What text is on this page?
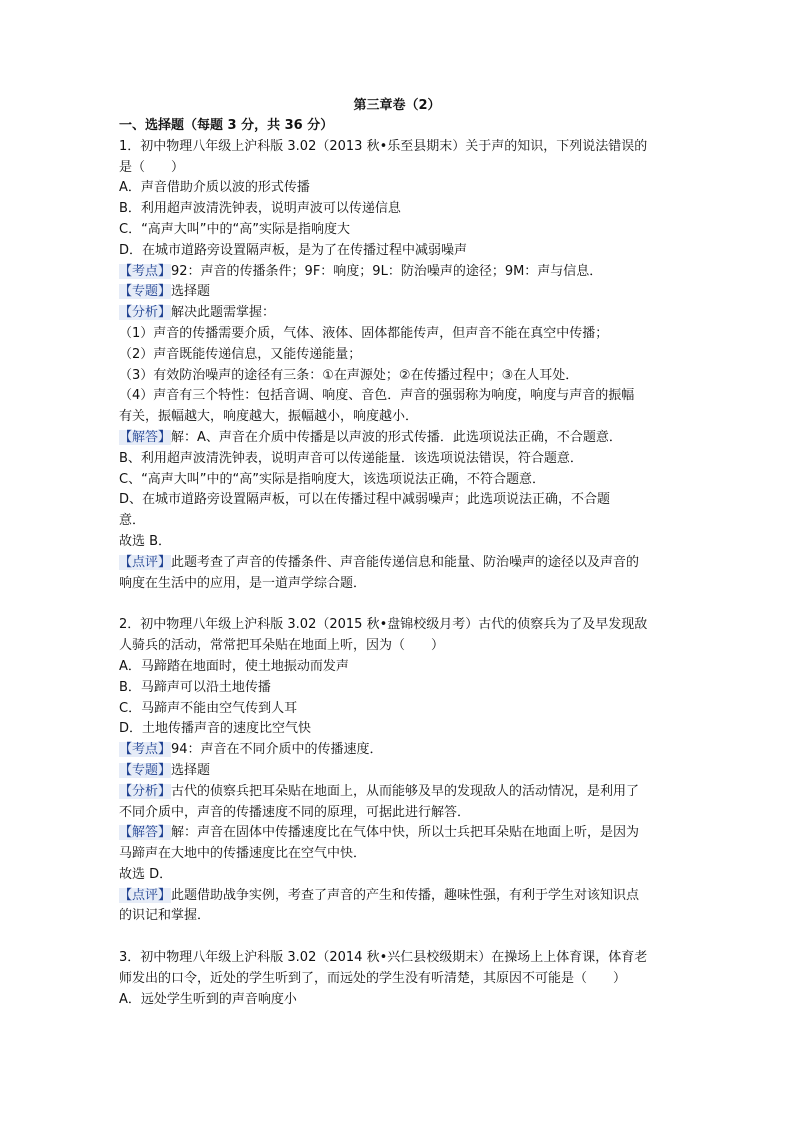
第三章卷（2）

一、选择题（每题 3 分，共 36 分）

1．初中物理八年级上沪科版 3.02（2013 秋•乐至县期末）关于声的知识，下列说法错误的

是（　　）

A．声音借助介质以波的形式传播

B．利用超声波清洗钟表，说明声波可以传递信息

C．“高声大叫”中的“高”实际是指响度大

D．在城市道路旁设置隔声板，是为了在传播过程中减弱噪声

【考点】92：声音的传播条件；9F：响度；9L：防治噪声的途径；9M：声与信息．

【专题】选择题

【分析】解决此题需掌握：

（1）声音的传播需要介质，气体、液体、固体都能传声，但声音不能在真空中传播；

（2）声音既能传递信息，又能传递能量；

（3）有效防治噪声的途径有三条：①在声源处；②在传播过程中；③在人耳处．

（4）声音有三个特性：包括音调、响度、音色．声音的强弱称为响度，响度与声音的振幅

有关，振幅越大，响度越大，振幅越小，响度越小．

【解答】解：A、声音在介质中传播是以声波的形式传播．此选项说法正确，不合题意．

B、利用超声波清洗钟表，说明声音可以传递能量．该选项说法错误，符合题意．

C、“高声大叫”中的“高”实际是指响度大，该选项说法正确，不符合题意．

D、在城市道路旁设置隔声板，可以在传播过程中减弱噪声；此选项说法正确，不合题

意．

故选 B．

【点评】此题考查了声音的传播条件、声音能传递信息和能量、防治噪声的途径以及声音的

响度在生活中的应用，是一道声学综合题．

2．初中物理八年级上沪科版 3.02（2015 秋•盘锦校级月考）古代的侦察兵为了及早发现敌

人骑兵的活动，常常把耳朵贴在地面上听，因为（　　）

A．马蹄踏在地面时，使土地振动而发声

B．马蹄声可以沿土地传播

C．马蹄声不能由空气传到人耳

D．土地传播声音的速度比空气快

【考点】94：声音在不同介质中的传播速度．

【专题】选择题

【分析】古代的侦察兵把耳朵贴在地面上，从而能够及早的发现敌人的活动情况，是利用了

不同介质中，声音的传播速度不同的原理，可据此进行解答．

【解答】解：声音在固体中传播速度比在气体中快，所以士兵把耳朵贴在地面上听，是因为

马蹄声在大地中的传播速度比在空气中快．

故选 D．

【点评】此题借助战争实例，考查了声音的产生和传播，趣味性强，有利于学生对该知识点

的识记和掌握．

3．初中物理八年级上沪科版 3.02（2014 秋•兴仁县校级期末）在操场上上体育课，体育老

师发出的口令，近处的学生听到了，而远处的学生没有听清楚，其原因不可能是（　　）

A．远处学生听到的声音响度小
